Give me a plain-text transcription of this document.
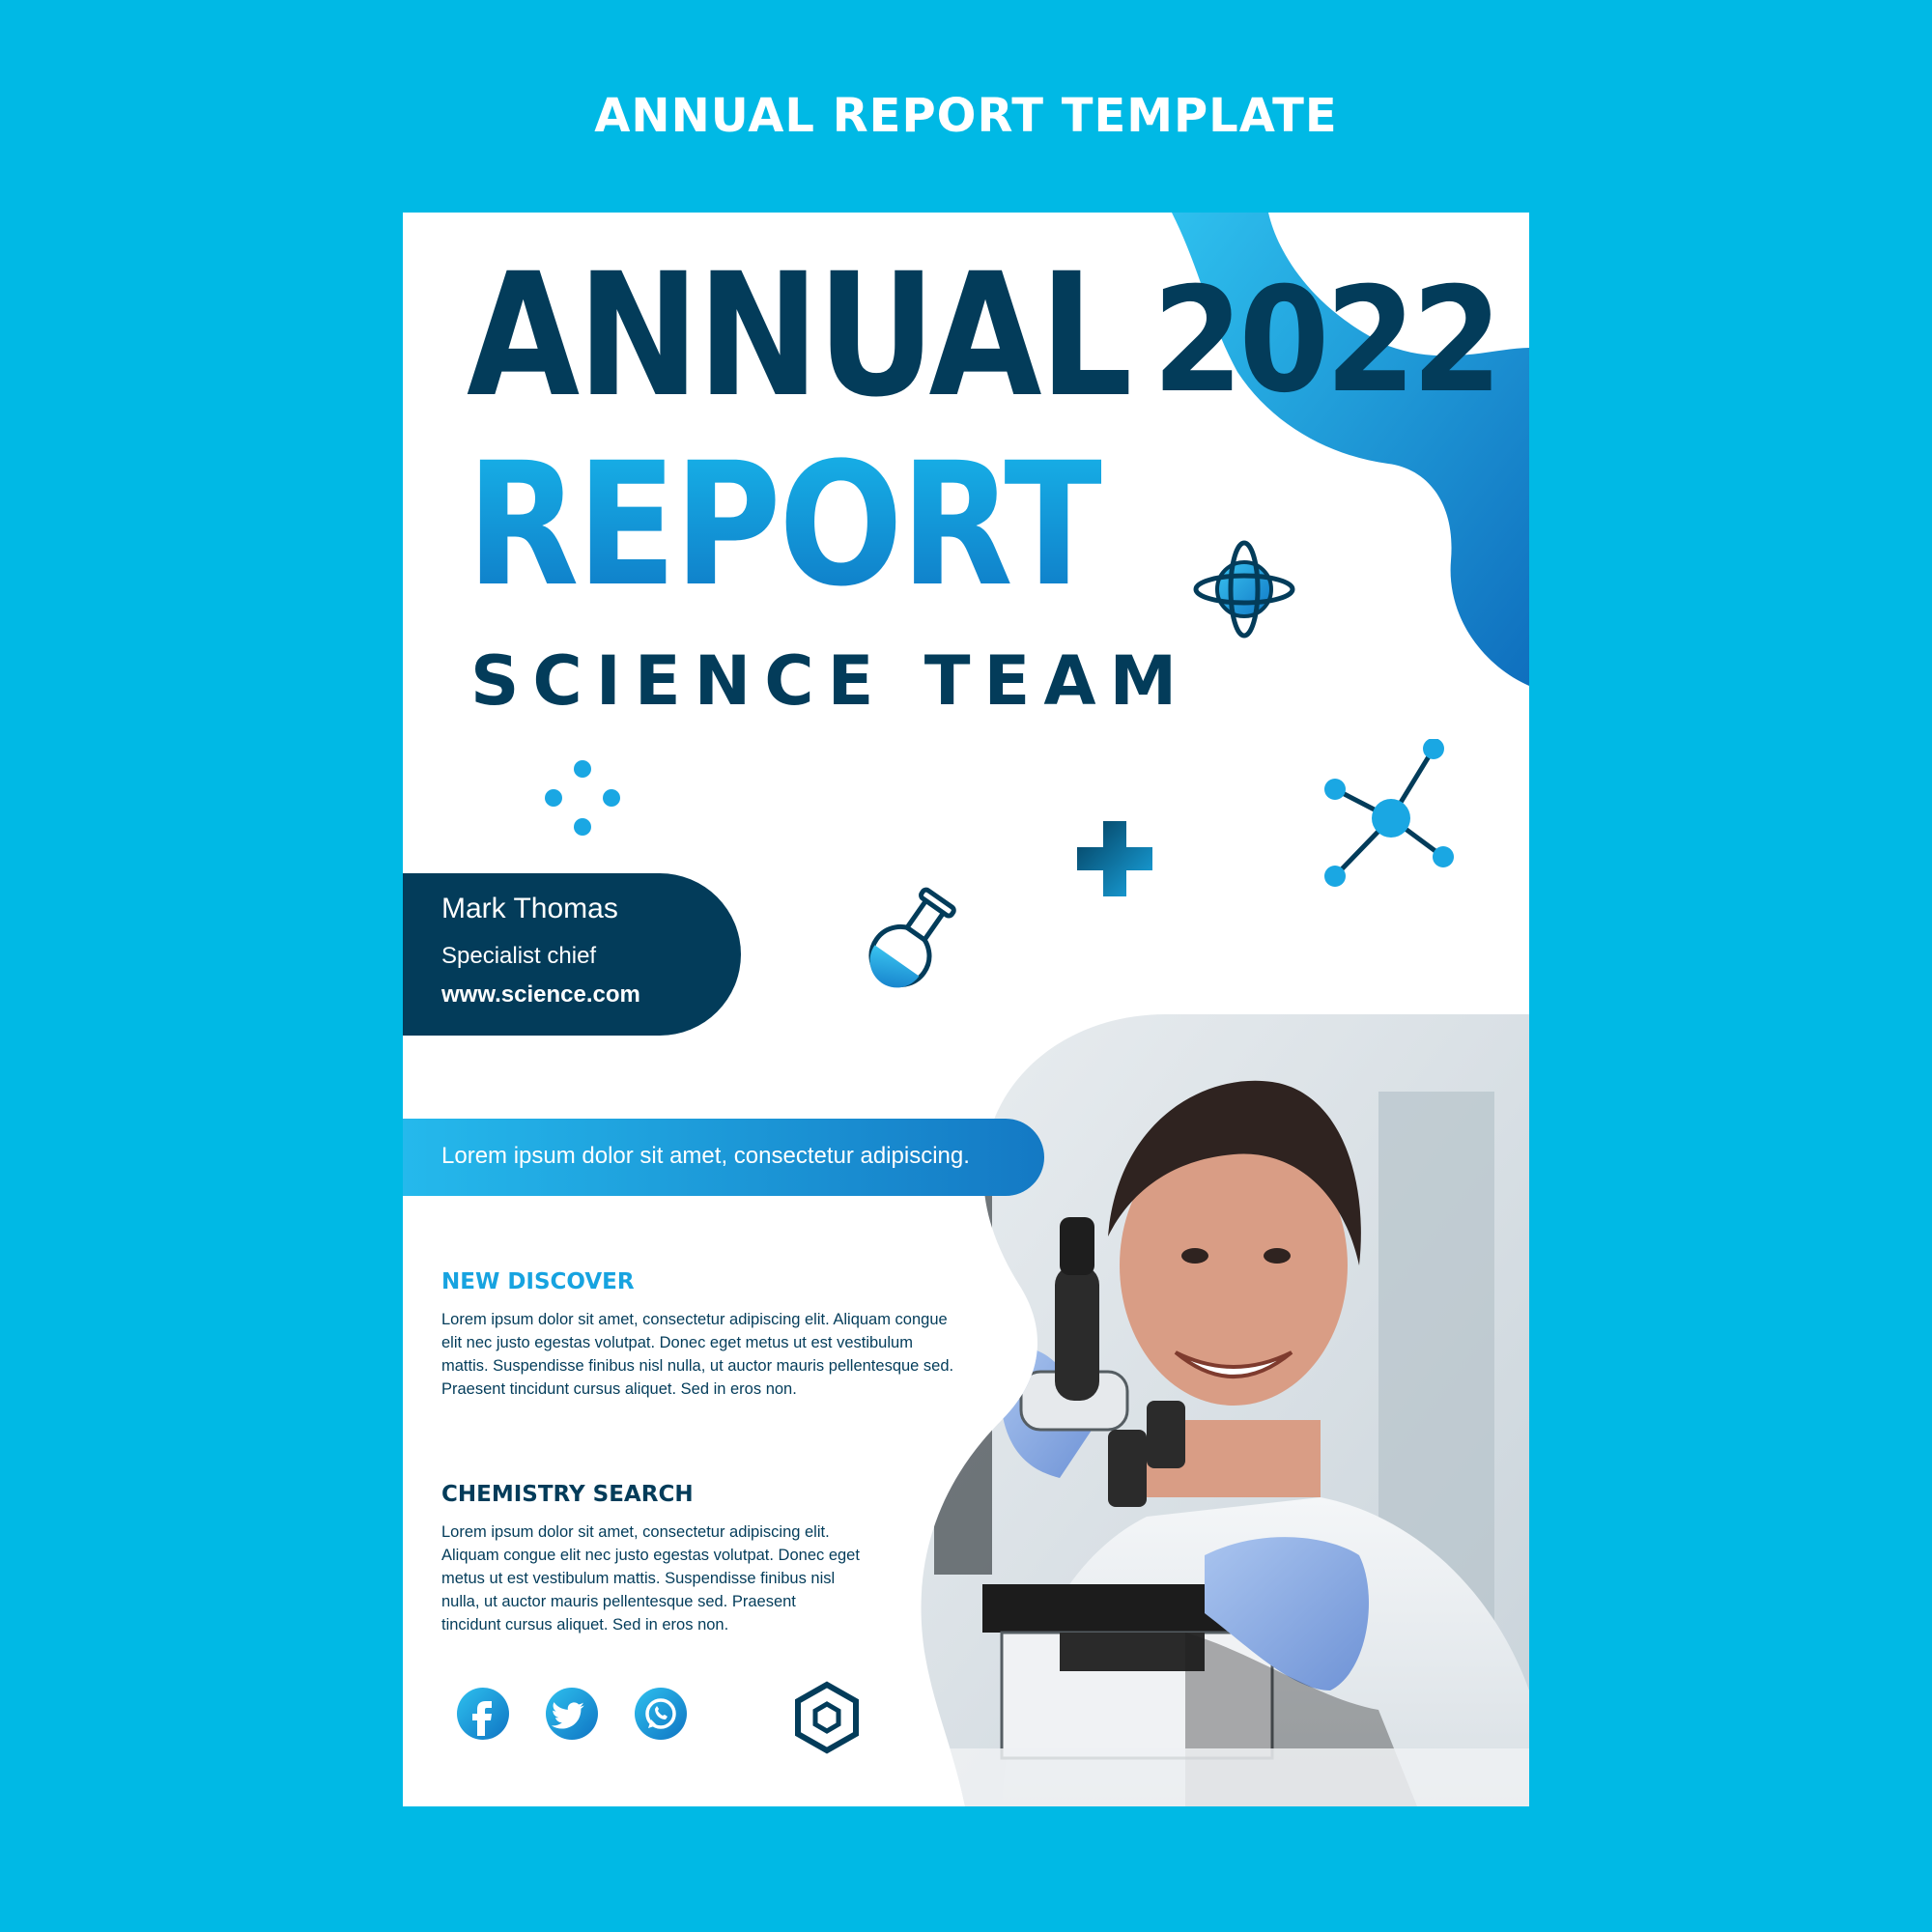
ANNUAL REPORT TEMPLATE
ANNUAL
REPORT
SCIENCE TEAM
2022
Mark Thomas
Specialist chief
www.science.com
Lorem ipsum dolor sit amet, consectetur adipiscing.
NEW DISCOVER
Lorem ipsum dolor sit amet, consectetur adipiscing elit. Aliquam congue
elit nec justo egestas volutpat. Donec eget metus ut est vestibulum
mattis. Suspendisse finibus nisl nulla, ut auctor mauris pellentesque sed.
Praesent tincidunt cursus aliquet. Sed in eros non.
CHEMISTRY SEARCH
Lorem ipsum dolor sit amet, consectetur adipiscing elit.
Aliquam congue elit nec justo egestas volutpat. Donec eget
metus ut est vestibulum mattis. Suspendisse finibus nisl
nulla, ut auctor mauris pellentesque sed. Praesent
tincidunt cursus aliquet. Sed in eros non.
